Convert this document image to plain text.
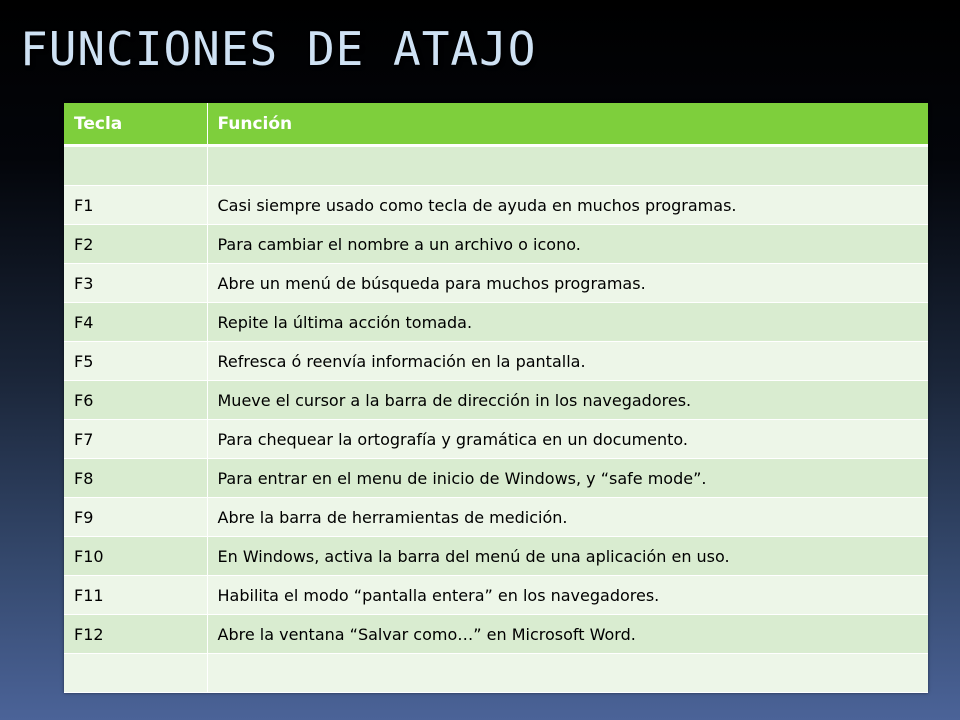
FUNCIONES DE ATAJO
Tecla	Función

F1	Casi siempre usado como tecla de ayuda en muchos programas.
F2	Para cambiar el nombre a un archivo o icono.
F3	Abre un menú de búsqueda para muchos programas.
F4	Repite la última acción tomada.
F5	Refresca ó reenvía información en la pantalla.
F6	Mueve el cursor a la barra de dirección in los navegadores.
F7	Para chequear la ortografía y gramática en un documento.
F8	Para entrar en el menu de inicio de Windows, y “safe mode”.
F9	Abre la barra de herramientas de medición.
F10	En Windows, activa la barra del menú de una aplicación en uso.
F11	Habilita el modo “pantalla entera” en los navegadores.
F12	Abre la ventana “Salvar como…” en Microsoft Word.
